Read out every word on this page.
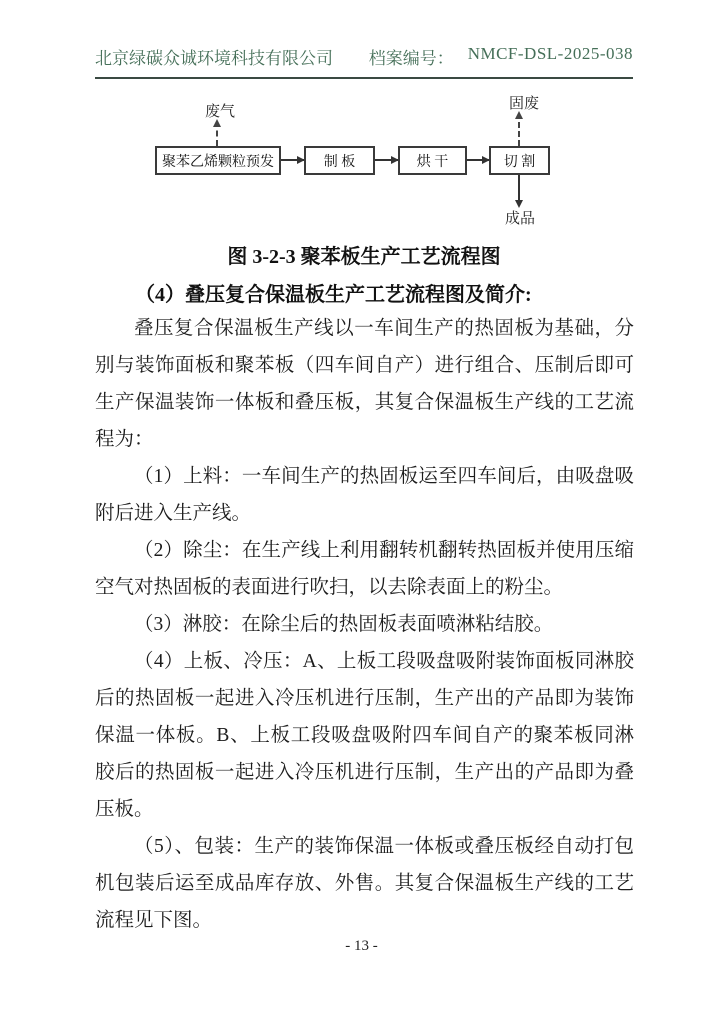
北京绿碳众诚环境科技有限公司 档案编号： NMCF-DSL-2025-038
废气
聚苯乙烯颗粒预发	制 板	烘 干	切 割
固废
成品
图 3-2-3 聚苯板生产工艺流程图
（4）叠压复合保温板生产工艺流程图及简介:

叠压复合保温板生产线以一车间生产的热固板为基础，分别与装饰面板和聚苯板（四车间自产）进行组合、压制后即可生产保温装饰一体板和叠压板，其复合保温板生产线的工艺流程为：

（1）上料：一车间生产的热固板运至四车间后，由吸盘吸附后进入生产线。

（2）除尘：在生产线上利用翻转机翻转热固板并使用压缩空气对热固板的表面进行吹扫，以去除表面上的粉尘。

（3）淋胶：在除尘后的热固板表面喷淋粘结胶。

（4）上板、冷压：A、上板工段吸盘吸附装饰面板同淋胶后的热固板一起进入冷压机进行压制，生产出的产品即为装饰保温一体板。B、上板工段吸盘吸附四车间自产的聚苯板同淋胶后的热固板一起进入冷压机进行压制，生产出的产品即为叠压板。

（5）、包装：生产的装饰保温一体板或叠压板经自动打包机包装后运至成品库存放、外售。其复合保温板生产线的工艺流程见下图。

- 13 -
